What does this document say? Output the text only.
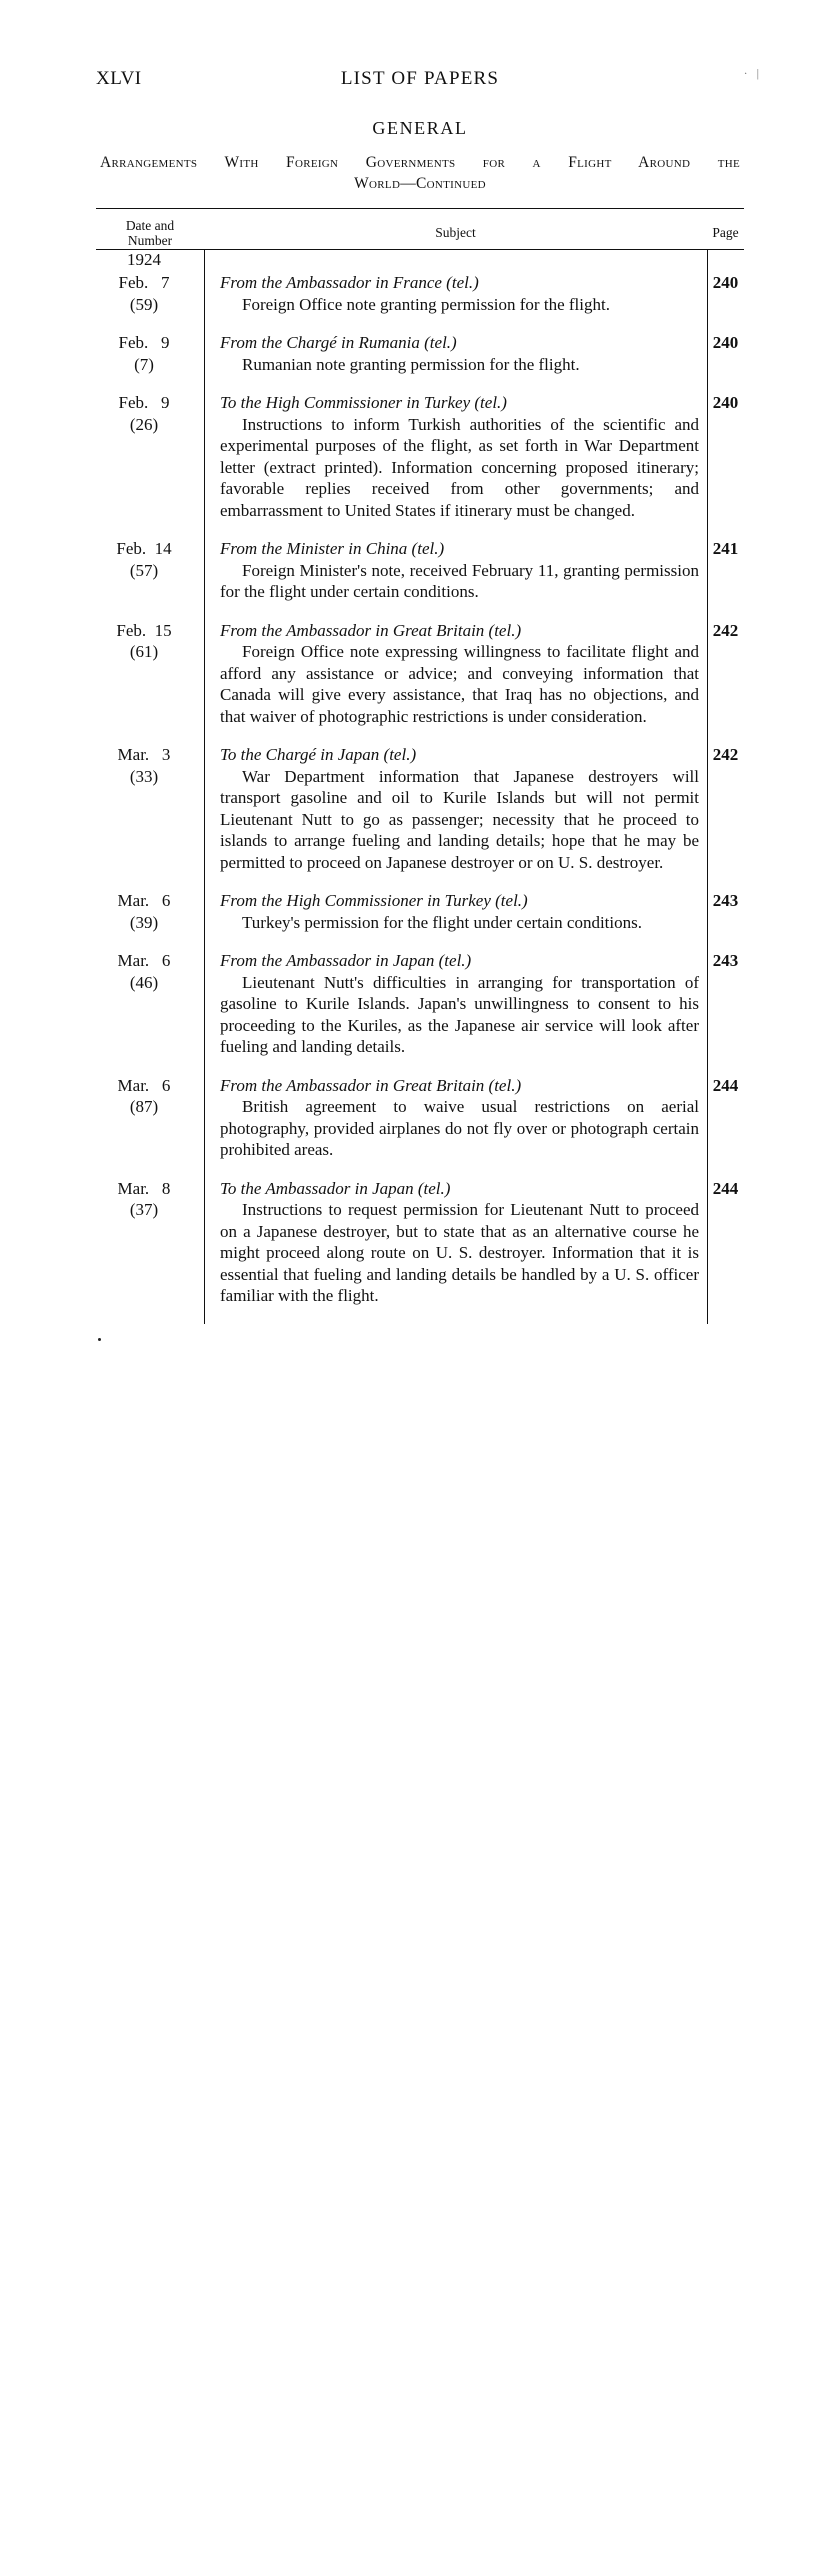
· |
XLVI	LIST OF PAPERS
GENERAL
Arrangements With Foreign Governments for a Flight Around the
World—Continued
Date and
Number
Subject	Page
1924
Feb.   7
(59)
From the Ambassador in France (tel.)
Foreign Office note granting permission for the flight.
240
Feb.   9
(7)
From the Chargé in Rumania (tel.)
Rumanian note granting permission for the flight.
240
Feb.   9
(26)
To the High Commissioner in Turkey (tel.)
Instructions to inform Turkish authorities of the scientific and experimental purposes of the flight, as set forth in War Department letter (extract printed). Information concerning proposed itinerary; favorable replies received from other governments; and embarrassment to United States if itinerary must be changed.
240
Feb.  14
(57)
From the Minister in China (tel.)
Foreign Minister's note, received February 11, granting permission for the flight under certain conditions.
241
Feb.  15
(61)
From the Ambassador in Great Britain (tel.)
Foreign Office note expressing willingness to facilitate flight and afford any assistance or advice; and conveying information that Canada will give every assistance, that Iraq has no objections, and that waiver of photographic restrictions is under consideration.
242
Mar.   3
(33)
To the Chargé in Japan (tel.)
War Department information that Japanese destroyers will transport gasoline and oil to Kurile Islands but will not permit Lieutenant Nutt to go as passenger; necessity that he proceed to islands to arrange fueling and landing details; hope that he may be permitted to proceed on Japanese destroyer or on U. S. destroyer.
242
Mar.   6
(39)
From the High Commissioner in Turkey (tel.)
Turkey's permission for the flight under certain conditions.
243
Mar.   6
(46)
From the Ambassador in Japan (tel.)
Lieutenant Nutt's difficulties in arranging for transportation of gasoline to Kurile Islands. Japan's unwillingness to consent to his proceeding to the Kuriles, as the Japanese air service will look after fueling and landing details.
243
Mar.   6
(87)
From the Ambassador in Great Britain (tel.)
British agreement to waive usual restrictions on aerial photography, provided airplanes do not fly over or photograph certain prohibited areas.
244
Mar.   8
(37)
To the Ambassador in Japan (tel.)
Instructions to request permission for Lieutenant Nutt to proceed on a Japanese destroyer, but to state that as an alternative course he might proceed along route on U. S. destroyer. Information that it is essential that fueling and landing details be handled by a U. S. officer familiar with the flight.
244
